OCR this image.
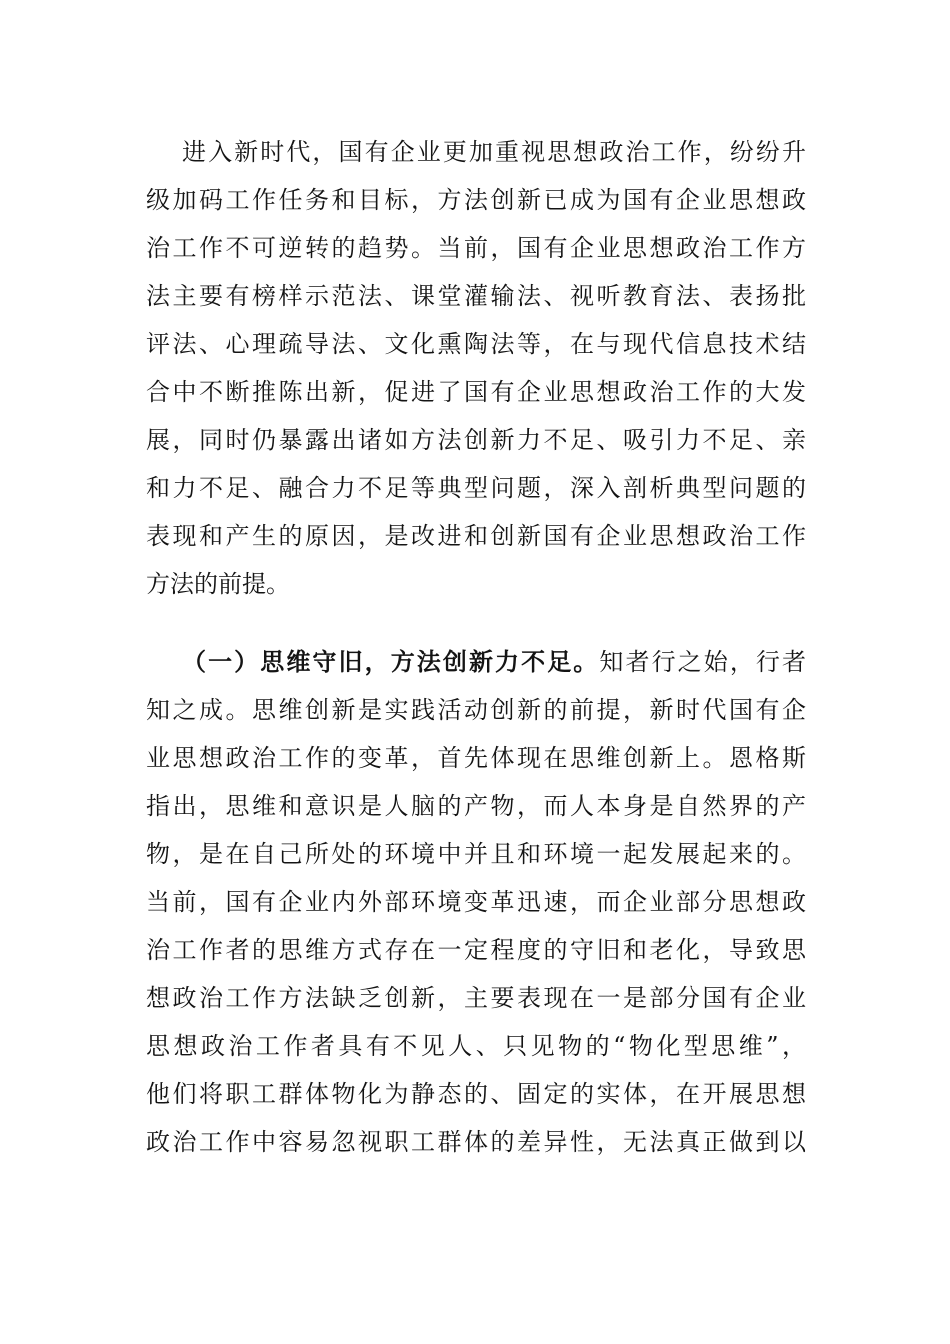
进入新时代，国有企业更加重视思想政治工作，纷纷升
级加码工作任务和目标，方法创新已成为国有企业思想政
治工作不可逆转的趋势。当前，国有企业思想政治工作方
法主要有榜样示范法、课堂灌输法、视听教育法、表扬批
评法、心理疏导法、文化熏陶法等，在与现代信息技术结
合中不断推陈出新，促进了国有企业思想政治工作的大发
展，同时仍暴露出诸如方法创新力不足、吸引力不足、亲
和力不足、融合力不足等典型问题，深入剖析典型问题的
表现和产生的原因，是改进和创新国有企业思想政治工作
方法的前提。
（一）思维守旧，方法创新力不足。知者行之始，行者
知之成。思维创新是实践活动创新的前提，新时代国有企
业思想政治工作的变革，首先体现在思维创新上。恩格斯
指出，思维和意识是人脑的产物，而人本身是自然界的产
物，是在自己所处的环境中并且和环境一起发展起来的。
当前，国有企业内外部环境变革迅速，而企业部分思想政
治工作者的思维方式存在一定程度的守旧和老化，导致思
想政治工作方法缺乏创新，主要表现在一是部分国有企业
思想政治工作者具有不见人、只见物的“物化型思维”，
他们将职工群体物化为静态的、固定的实体，在开展思想
政治工作中容易忽视职工群体的差异性，无法真正做到以
